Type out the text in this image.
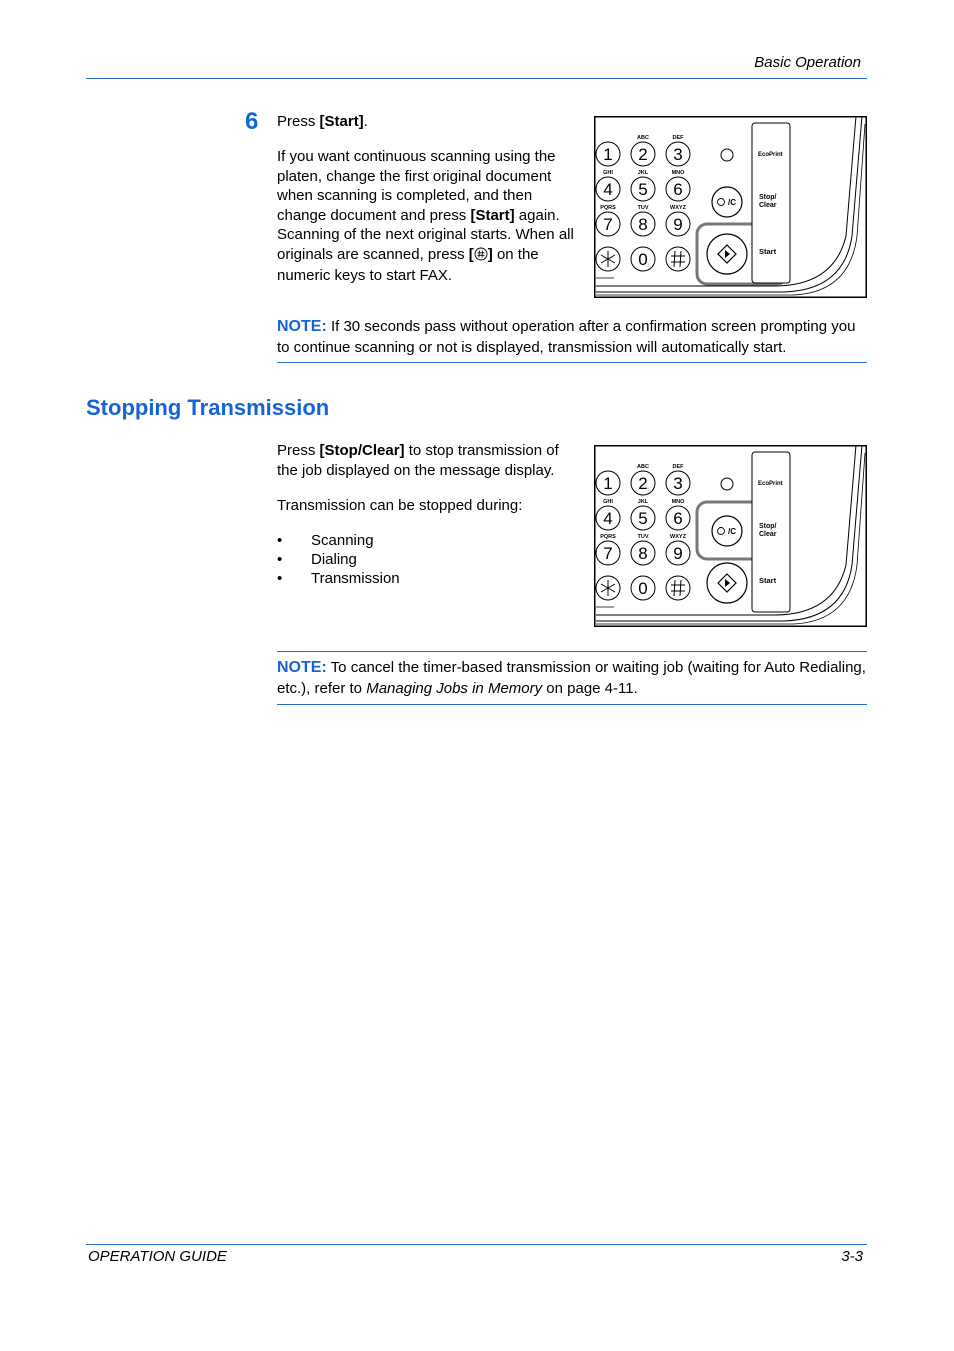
Basic Operation
6 Press [Start].
If you want continuous scanning using the platen, change the first original document when scanning is completed, and then change document and press [Start] again. Scanning of the next original starts. When all originals are scanned, press [ ] on the numeric keys to start FAX.
1 2 3
4 5 6
7 8 9
ABC	DEF
GHI	JKL	MNO
PQRS	TUV	WXYZ
0
/C
EcoPrint
Stop/
Clear
Start
NOTE: If 30 seconds pass without operation after a confirmation screen prompting you to continue scanning or not is displayed, transmission will automatically start.
Stopping Transmission
Press [Stop/Clear] to stop transmission of the job displayed on the message display.
Transmission can be stopped during:
• Scanning
• Dialing
• Transmission
1 2 3
4 5 6
7 8 9
ABC	DEF
GHI	JKL	MNO
PQRS	TUV	WXYZ
0
/C
EcoPrint
Stop/
Clear
Start
NOTE: To cancel the timer-based transmission or waiting job (waiting for Auto Redialing, etc.), refer to Managing Jobs in Memory on page 4-11.
OPERATION GUIDE	3-3
